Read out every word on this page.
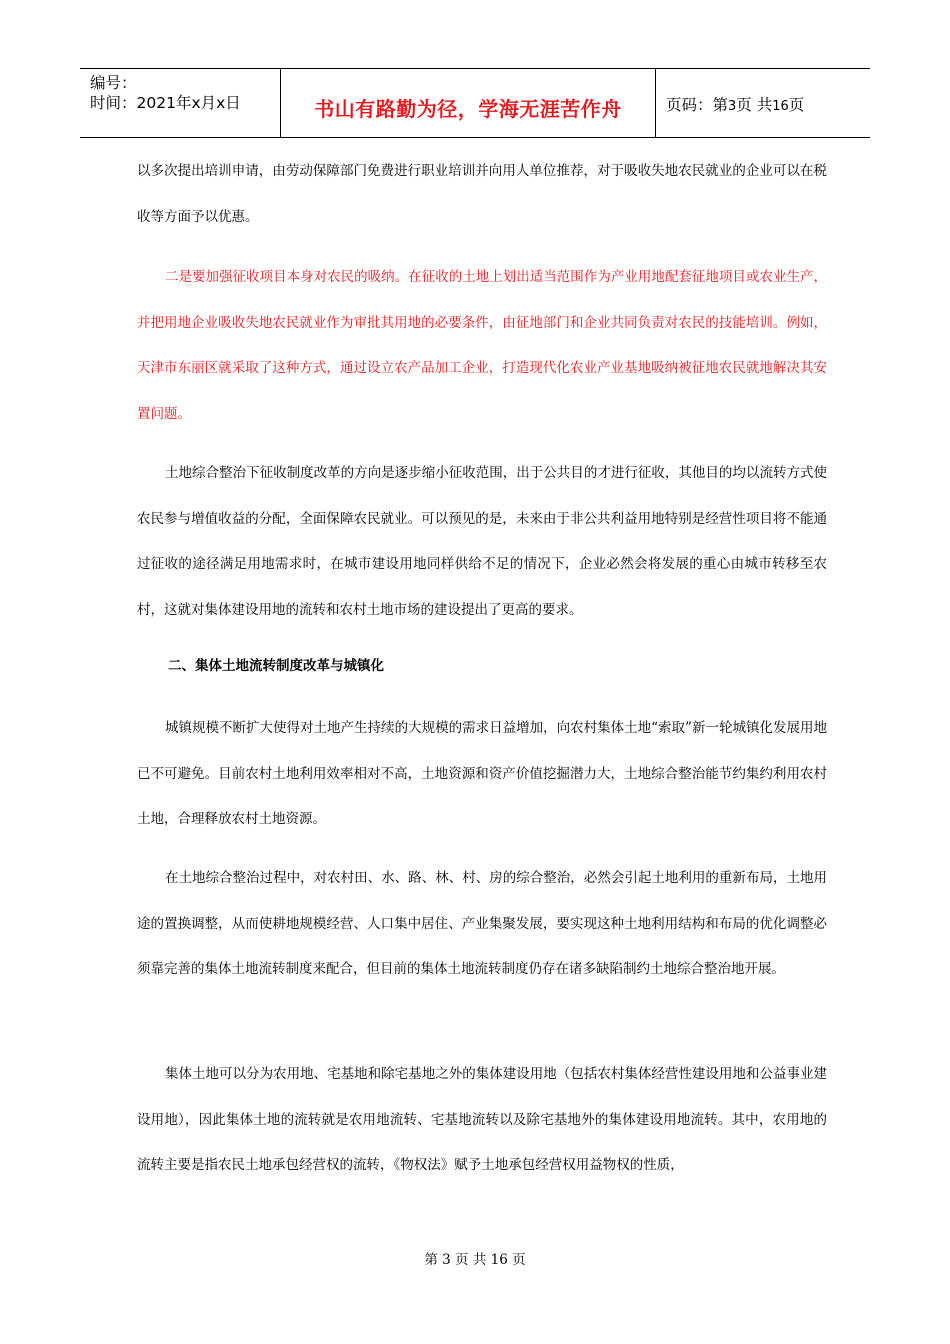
编号：
时间：2021年x月x日	书山有路勤为径，学海无涯苦作舟	页码：第3页 共16页

以多次提出培训申请，由劳动保障部门免费进行职业培训并向用人单位推荐，对于吸收失地农民就业的企业可以在税收等方面予以优惠。

二是要加强征收项目本身对农民的吸纳。在征收的土地上划出适当范围作为产业用地配套征地项目或农业生产，并把用地企业吸收失地农民就业作为审批其用地的必要条件，由征地部门和企业共同负责对农民的技能培训。例如，天津市东丽区就采取了这种方式，通过设立农产品加工企业，打造现代化农业产业基地吸纳被征地农民就地解决其安置问题。

土地综合整治下征收制度改革的方向是逐步缩小征收范围，出于公共目的才进行征收，其他目的均以流转方式使农民参与增值收益的分配，全面保障农民就业。可以预见的是，未来由于非公共利益用地特别是经营性项目将不能通过征收的途径满足用地需求时，在城市建设用地同样供给不足的情况下，企业必然会将发展的重心由城市转移至农村，这就对集体建设用地的流转和农村土地市场的建设提出了更高的要求。

二、集体土地流转制度改革与城镇化

城镇规模不断扩大使得对土地产生持续的大规模的需求日益增加，向农村集体土地“索取”新一轮城镇化发展用地已不可避免。目前农村土地利用效率相对不高，土地资源和资产价值挖掘潜力大，土地综合整治能节约集约利用农村土地，合理释放农村土地资源。

在土地综合整治过程中，对农村田、水、路、林、村、房的综合整治，必然会引起土地利用的重新布局，土地用途的置换调整，从而使耕地规模经营、人口集中居住、产业集聚发展，要实现这种土地利用结构和布局的优化调整必须靠完善的集体土地流转制度来配合，但目前的集体土地流转制度仍存在诸多缺陷制约土地综合整治地开展。

集体土地可以分为农用地、宅基地和除宅基地之外的集体建设用地（包括农村集体经营性建设用地和公益事业建设用地），因此集体土地的流转就是农用地流转、宅基地流转以及除宅基地外的集体建设用地流转。其中，农用地的流转主要是指农民土地承包经营权的流转，《物权法》赋予土地承包经营权用益物权的性质，

第 3 页 共 16 页
